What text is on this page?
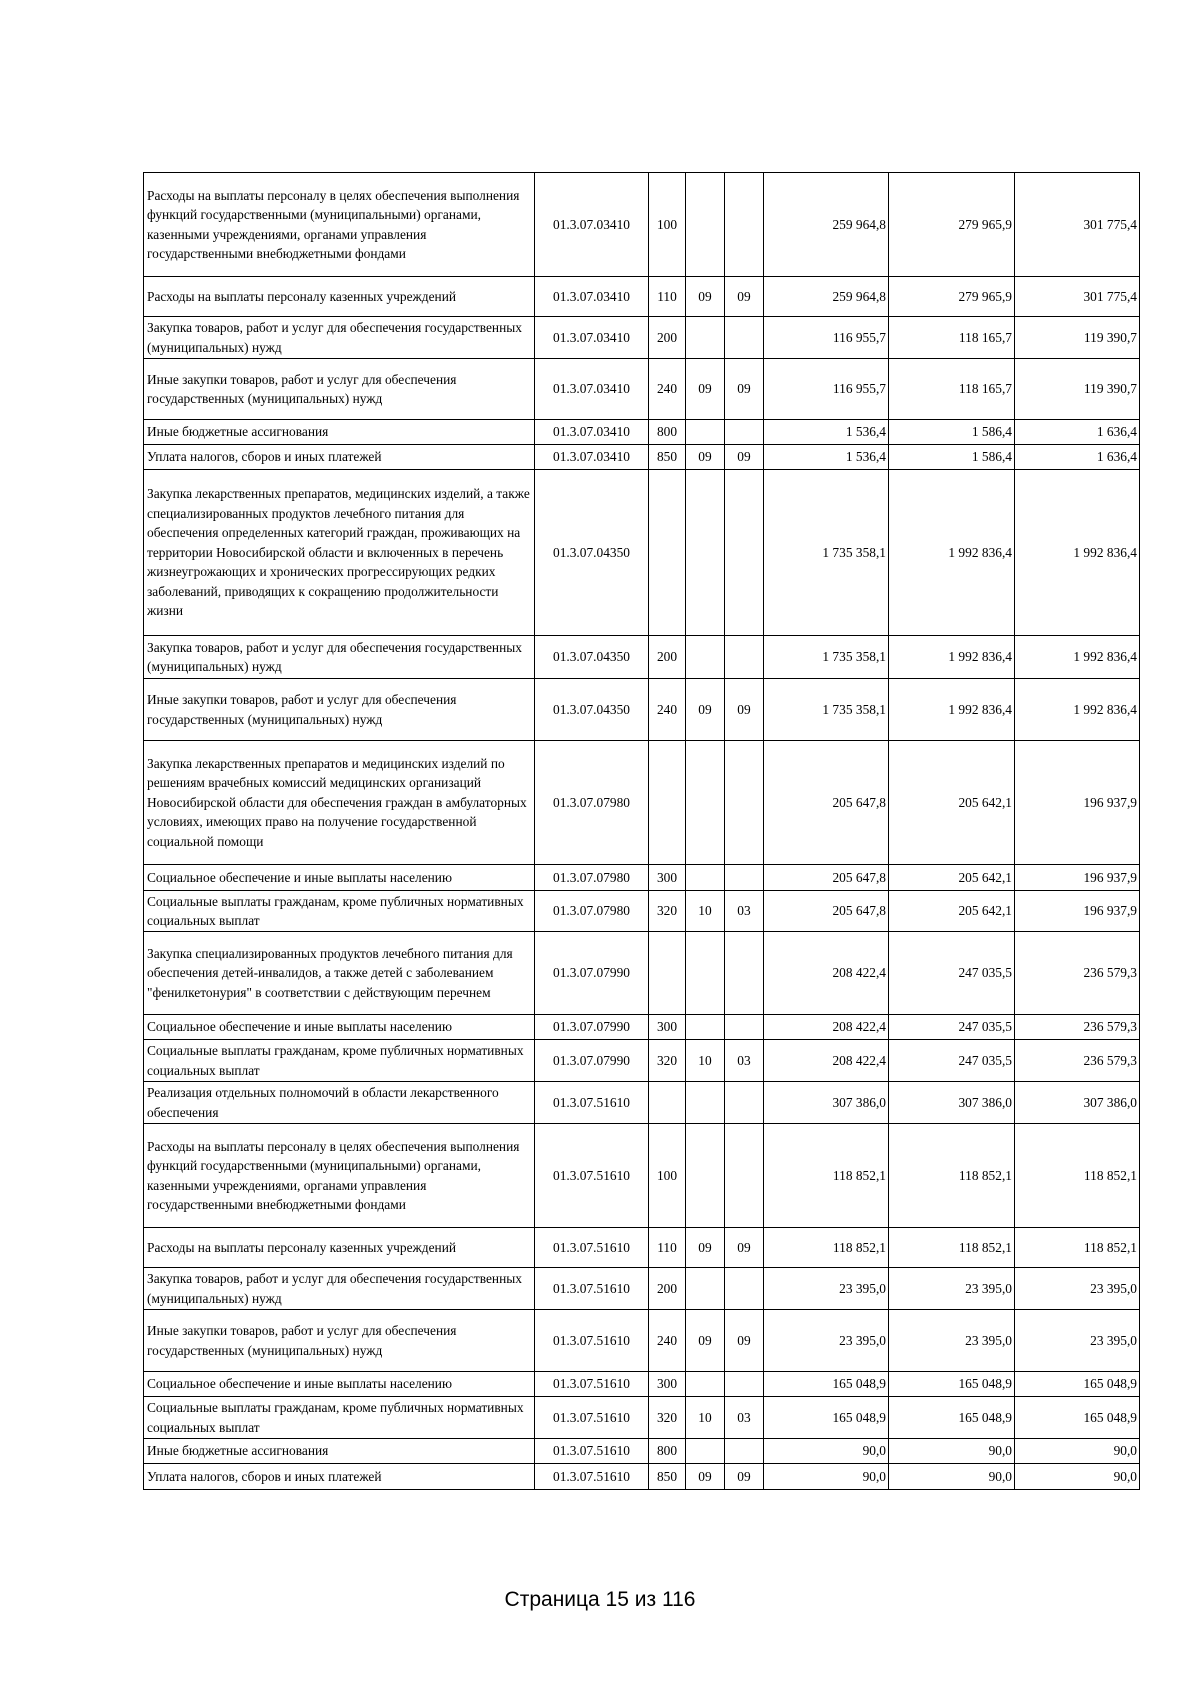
Расходы на выплаты персоналу в целях обеспечения выполнения функций государственными (муниципальными) органами, казенными учреждениями, органами управления государственными внебюджетными фондами	01.3.07.03410	100			259 964,8	279 965,9	301 775,4
Расходы на выплаты персоналу казенных учреждений	01.3.07.03410	110	09	09	259 964,8	279 965,9	301 775,4
Закупка товаров, работ и услуг для обеспечения государственных (муниципальных) нужд	01.3.07.03410	200			116 955,7	118 165,7	119 390,7
Иные закупки товаров, работ и услуг для обеспечения государственных (муниципальных) нужд	01.3.07.03410	240	09	09	116 955,7	118 165,7	119 390,7
Иные бюджетные ассигнования	01.3.07.03410	800			1 536,4	1 586,4	1 636,4
Уплата налогов, сборов и иных платежей	01.3.07.03410	850	09	09	1 536,4	1 586,4	1 636,4
Закупка лекарственных препаратов, медицинских изделий, а также специализированных продуктов лечебного питания для обеспечения определенных категорий граждан, проживающих на территории Новосибирской области и включенных в перечень жизнеугрожающих и хронических прогрессирующих редких заболеваний, приводящих к сокращению продолжительности жизни	01.3.07.04350				1 735 358,1	1 992 836,4	1 992 836,4
Закупка товаров, работ и услуг для обеспечения государственных (муниципальных) нужд	01.3.07.04350	200			1 735 358,1	1 992 836,4	1 992 836,4
Иные закупки товаров, работ и услуг для обеспечения государственных (муниципальных) нужд	01.3.07.04350	240	09	09	1 735 358,1	1 992 836,4	1 992 836,4
Закупка лекарственных препаратов и медицинских изделий по решениям врачебных комиссий медицинских организаций Новосибирской области для обеспечения граждан в амбулаторных условиях, имеющих право на получение государственной социальной помощи	01.3.07.07980				205 647,8	205 642,1	196 937,9
Социальное обеспечение и иные выплаты населению	01.3.07.07980	300			205 647,8	205 642,1	196 937,9
Социальные выплаты гражданам, кроме публичных нормативных социальных выплат	01.3.07.07980	320	10	03	205 647,8	205 642,1	196 937,9
Закупка специализированных продуктов лечебного питания для обеспечения детей-инвалидов, а также детей с заболеванием "фенилкетонурия" в соответствии с действующим перечнем	01.3.07.07990				208 422,4	247 035,5	236 579,3
Социальное обеспечение и иные выплаты населению	01.3.07.07990	300			208 422,4	247 035,5	236 579,3
Социальные выплаты гражданам, кроме публичных нормативных социальных выплат	01.3.07.07990	320	10	03	208 422,4	247 035,5	236 579,3
Реализация отдельных полномочий в области лекарственного обеспечения	01.3.07.51610				307 386,0	307 386,0	307 386,0
Расходы на выплаты персоналу в целях обеспечения выполнения функций государственными (муниципальными) органами, казенными учреждениями, органами управления государственными внебюджетными фондами	01.3.07.51610	100			118 852,1	118 852,1	118 852,1
Расходы на выплаты персоналу казенных учреждений	01.3.07.51610	110	09	09	118 852,1	118 852,1	118 852,1
Закупка товаров, работ и услуг для обеспечения государственных (муниципальных) нужд	01.3.07.51610	200			23 395,0	23 395,0	23 395,0
Иные закупки товаров, работ и услуг для обеспечения государственных (муниципальных) нужд	01.3.07.51610	240	09	09	23 395,0	23 395,0	23 395,0
Социальное обеспечение и иные выплаты населению	01.3.07.51610	300			165 048,9	165 048,9	165 048,9
Социальные выплаты гражданам, кроме публичных нормативных социальных выплат	01.3.07.51610	320	10	03	165 048,9	165 048,9	165 048,9
Иные бюджетные ассигнования	01.3.07.51610	800			90,0	90,0	90,0
Уплата налогов, сборов и иных платежей	01.3.07.51610	850	09	09	90,0	90,0	90,0
Страница 15 из 116
